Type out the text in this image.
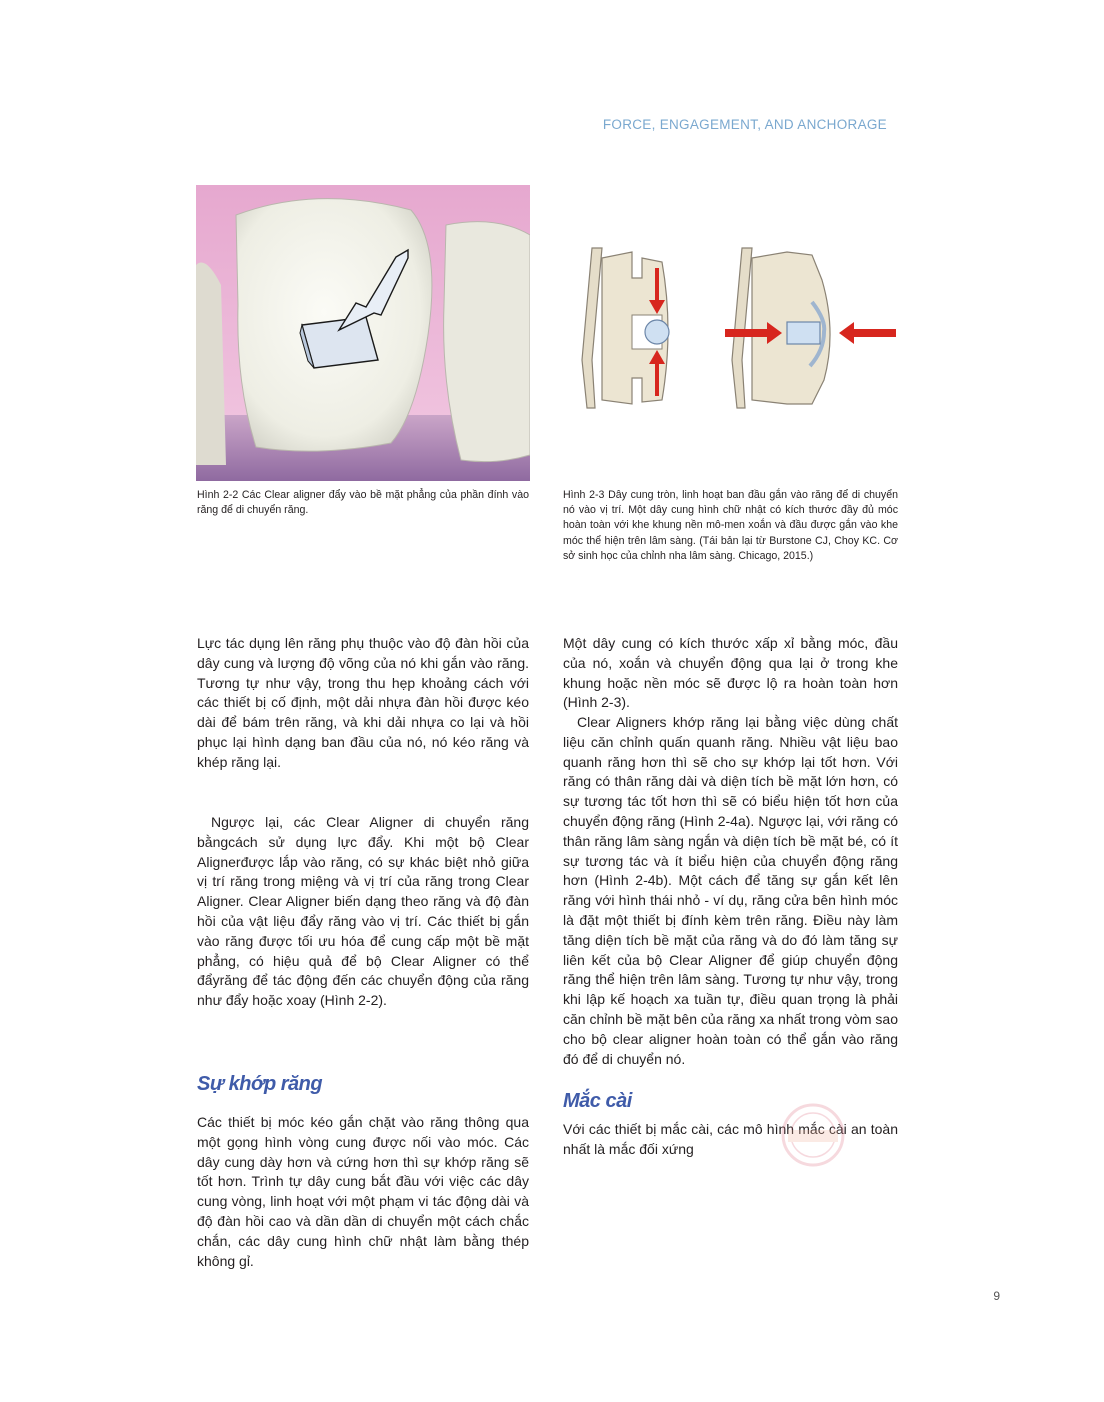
FORCE, ENGAGEMENT, AND ANCHORAGE
Hình 2-2 Các Clear aligner đẩy vào bề mặt phẳng của phần đính vào răng để di chuyển răng.
Hình 2-3 Dây cung tròn, linh hoạt ban đầu gắn vào răng để di chuyển nó vào vị trí. Một dây cung hình chữ nhật có kích thước đầy đủ móc hoàn toàn với khe khung nền mô-men xoắn và đầu được gắn vào khe móc thể hiện trên lâm sàng. (Tái bản lại từ Burstone CJ, Choy KC. Cơ sở sinh học của chỉnh nha lâm sàng. Chicago, 2015.)

Lực tác dụng lên răng phụ thuộc vào độ đàn hồi của dây cung và lượng độ võng của nó khi gắn vào răng. Tương tự như vậy, trong thu hẹp khoảng cách với các thiết bị cố định, một dải nhựa đàn hồi được kéo dài để bám trên răng, và khi dải nhựa co lại và hồi phục lại hình dạng ban đầu của nó, nó kéo răng và khép răng lại.

Ngược lại, các Clear Aligner di chuyển răng bằngcách sử dụng lực đẩy. Khi một bộ Clear Alignerđược lắp vào răng, có sự khác biệt nhỏ giữa vị trí răng trong miệng và vị trí của răng trong Clear Aligner. Clear Aligner biến dạng theo răng và độ đàn hồi của vật liệu đẩy răng vào vị trí. Các thiết bị gắn vào răng được tối ưu hóa để cung cấp một bề mặt phẳng, có hiệu quả để bộ Clear Aligner có thể đẩyrăng để tác động đến các chuyển động của răng như đẩy hoặc xoay (Hình 2-2).

Sự khớp răng

Các thiết bị móc kéo gắn chặt vào răng thông qua một gọng hình vòng cung được nối vào móc. Các dây cung dày hơn và cứng hơn thì sự khớp răng sẽ tốt hơn. Trình tự dây cung bắt đầu với việc các dây cung vòng, linh hoạt với một phạm vi tác động dài và độ đàn hồi cao và dần dần di chuyển một cách chắc chắn, các dây cung hình chữ nhật làm bằng thép không gỉ.

Một dây cung có kích thước xấp xỉ bằng móc, đầu của nó, xoắn và chuyển động qua lại ở trong khe khung hoặc nền móc sẽ được lộ ra hoàn toàn hơn (Hình 2-3).

Clear Aligners khớp răng lại bằng việc dùng chất liệu căn chỉnh quấn quanh răng. Nhiều vật liệu bao quanh răng hơn thì sẽ cho sự khớp lại tốt hơn. Với răng có thân răng dài và diện tích bề mặt lớn hơn, có sự tương tác tốt hơn thì sẽ có biểu hiện tốt hơn của chuyển động răng (Hình 2-4a). Ngược lại, với răng có thân răng lâm sàng ngắn và diện tích bề mặt bé, có ít sự tương tác và ít biểu hiện của chuyển động răng hơn (Hình 2-4b). Một cách để tăng sự gắn kết lên răng với hình thái nhỏ - ví dụ, răng cửa bên hình móc là đặt một thiết bị đính kèm trên răng. Điều này làm tăng diện tích bề mặt của răng và do đó làm tăng sự liên kết của bộ Clear Aligner để giúp chuyển động răng thể hiện trên lâm sàng. Tương tự như vậy, trong khi lập kế hoạch xa tuần tự, điều quan trọng là phải căn chỉnh bề mặt bên của răng xa nhất trong vòm sao cho bộ clear aligner hoàn toàn có thể gắn vào răng đó để di chuyển nó.

Mắc cài

Với các thiết bị mắc cài, các mô hình mắc cài an toàn nhất là mắc đối xứng

9
